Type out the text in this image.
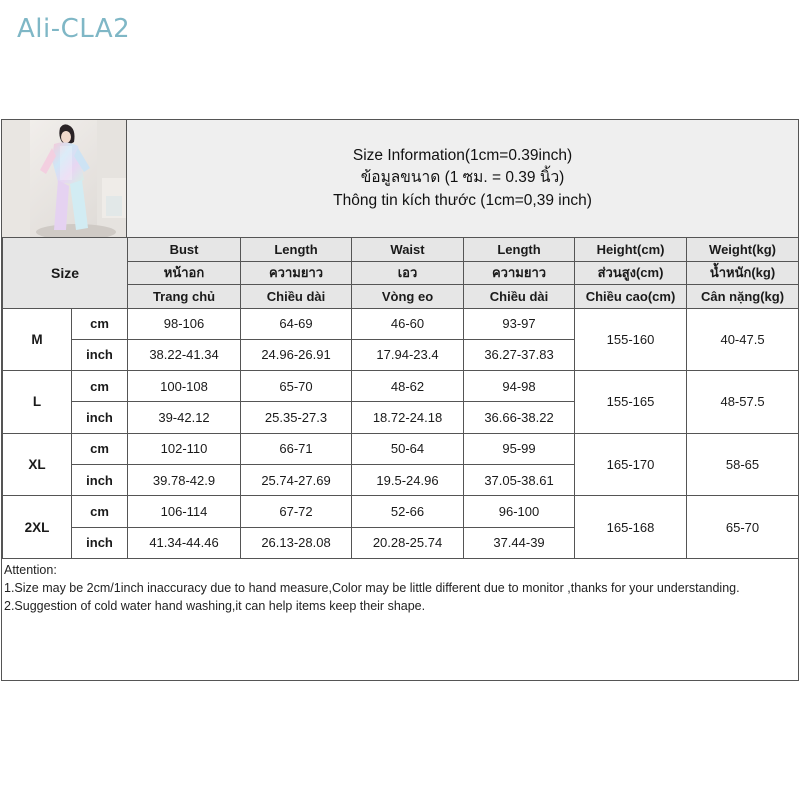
Ali-CLA2
Size Information(1cm=0.39inch)
ข้อมูลขนาด (1 ซม. = 0.39 นิ้ว)
Thông tin kích thước (1cm=0,39 inch)
Size		Bust	Length	Waist	Length	Height(cm)	Weight(kg)
		หน้าอก	ความยาว	เอว	ความยาว	ส่วนสูง(cm)	น้ำหนัก(kg)
		Trang chủ	Chiều dài	Vòng eo	Chiều dài	Chiều cao(cm)	Cân nặng(kg)
M	cm	98-106	64-69	46-60	93-97	155-160	40-47.5
	inch	38.22-41.34	24.96-26.91	17.94-23.4	36.27-37.83		
L	cm	100-108	65-70	48-62	94-98	155-165	48-57.5
	inch	39-42.12	25.35-27.3	18.72-24.18	36.66-38.22		
XL	cm	102-110	66-71	50-64	95-99	165-170	58-65
	inch	39.78-42.9	25.74-27.69	19.5-24.96	37.05-38.61		
2XL	cm	106-114	67-72	52-66	96-100	165-168	65-70
	inch	41.34-44.46	26.13-28.08	20.28-25.74	37.44-39		
Attention:
1.Size may be 2cm/1inch inaccuracy due to hand measure,Color may be little different due to monitor ,thanks for your understanding.
2.Suggestion of cold water hand washing,it can help items keep their shape.
